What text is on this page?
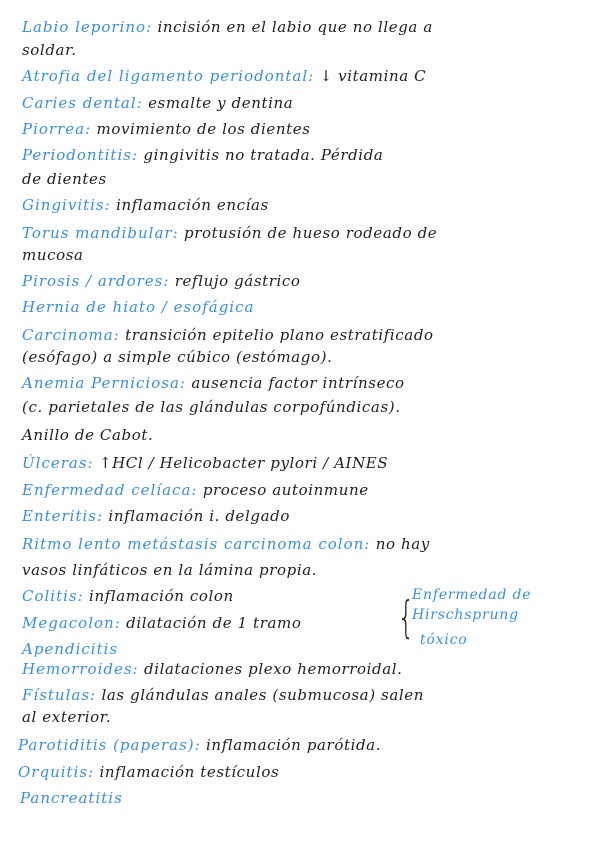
Labio leporino: incisión en el labio que no llega a
soldar.
Atrofia del ligamento periodontal: ↓ vitamina C
Caries dental: esmalte y dentina
Piorrea: movimiento de los dientes
Periodontitis: gingivitis no tratada. Pérdida
de dientes
Gingivitis: inflamación encías
Torus mandibular: protusión de hueso rodeado de
mucosa
Pirosis / ardores: reflujo gástrico
Hernia de hiato / esofágica
Carcinoma: transición epitelio plano estratificado
(esófago) a simple cúbico (estómago).
Anemia Perniciosa: ausencia factor intrínseco
(c. parietales de las glándulas corpofúndicas).
Anillo de Cabot.
Úlceras: ↑HCl / Helicobacter pylori / AINES
Enfermedad celíaca: proceso autoinmune
Enteritis: inflamación i. delgado
Ritmo lento metástasis carcinoma colon: no hay
vasos linfáticos en la lámina propia.
Colitis: inflamación colon
Megacolon: dilatación de 1 tramo
Apendicitis
Hemorroides: dilataciones plexo hemorroidal.
Fístulas: las glándulas anales (submucosa) salen
al exterior.
Parotiditis (paperas): inflamación parótida.
Orquitis: inflamación testículos
Pancreatitis
{
Enfermedad de
Hirschsprung
tóxico
